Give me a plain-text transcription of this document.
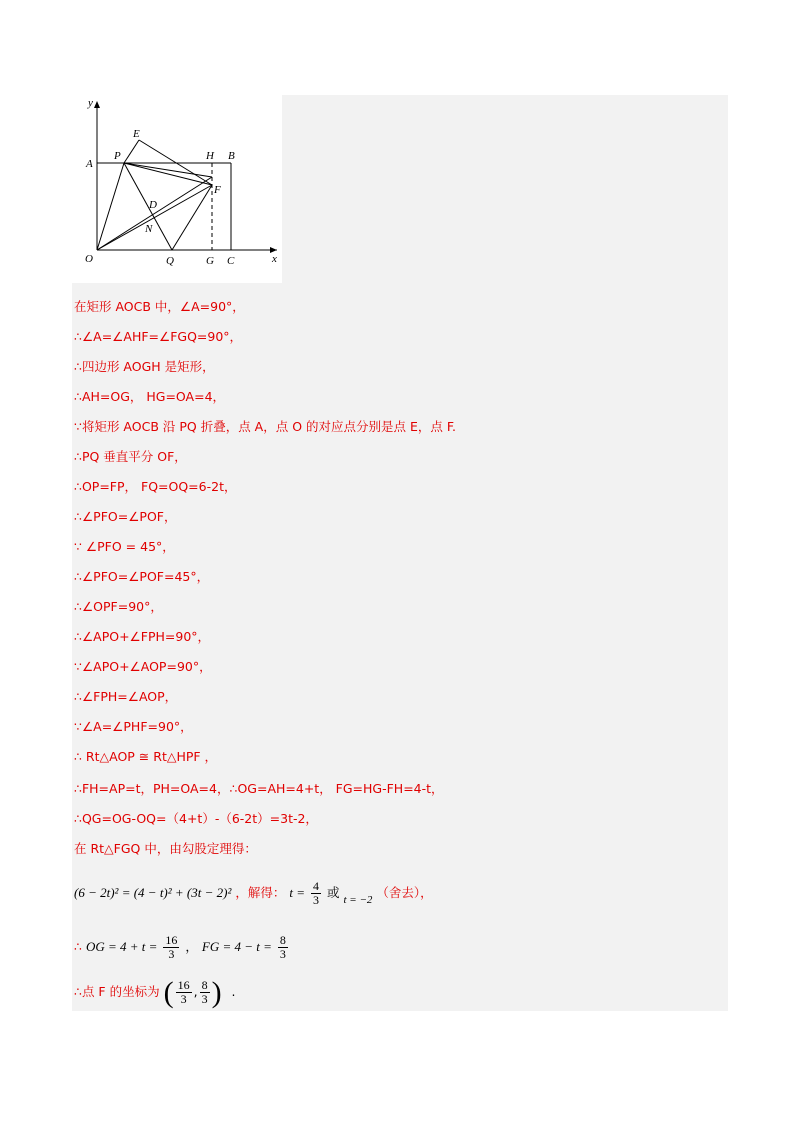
y
x
O
A
P
E
H B
F
D
N
Q	G C
在矩形 AOCB 中，∠A=90°，
∴∠A=∠AHF=∠FGQ=90°，
∴四边形 AOGH 是矩形，
∴AH=OG， HG=OA=4，
∵将矩形 AOCB 沿 PQ 折叠，点 A，点 O 的对应点分别是点 E，点 F.
∴PQ 垂直平分 OF，
∴OP=FP， FQ=OQ=6-2t，
∴∠PFO=∠POF，
∵ ∠PFO = 45°，
∴∠PFO=∠POF=45°，
∴∠OPF=90°，
∴∠APO+∠FPH=90°，
∵∠APO+∠AOP=90°，
∴∠FPH=∠AOP，
∵∠A=∠PHF=90°，
∴ Rt△AOP ≅ Rt△HPF ，
∴FH=AP=t，PH=OA=4，∴OG=AH=4+t， FG=HG-FH=4-t，
∴QG=OG-OQ=（4+t）-（6-2t）=3t-2，
在 Rt△FGQ 中，由勾股定理得：
(6 − 2t)² = (4 − t)² + (3t − 2)² ，解得： $t = \frac{4}{3}$ 或 t = −2 （舍去），
∴ OG = $4 + t = \frac{16}{3}$ ， FG = $4 - t = \frac{8}{3}$
∴点 F 的坐标为 ( $\frac{16}{3}$ , $\frac{8}{3}$ ) .
